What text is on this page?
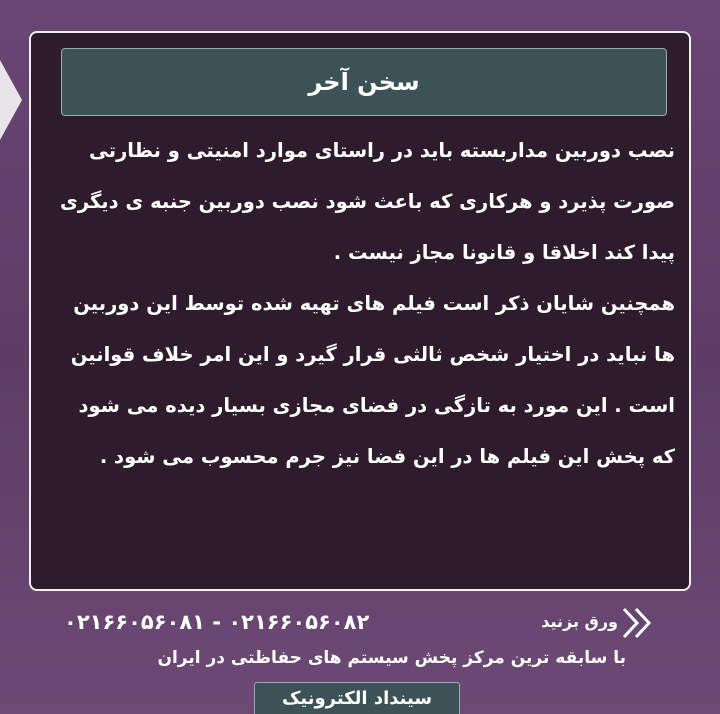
سخن آخر

نصب دوربین مداربسته باید در راستای موارد امنیتی و نظارتی صورت پذیرد و هرکاری که باعث شود نصب دوربین جنبه ی دیگری پیدا کند اخلاقا و قانونا مجاز نیست .

همچنین شایان ذکر است فیلم های تهیه شده توسط این دوربین ها نباید در اختیار شخص ثالثی قرار گیرد و این امر خلاف قوانین است . این مورد به تازگی در فضای مجازی بسیار دیده می شود که پخش این فیلم ها در این فضا نیز جرم محسوب می شود .

۰۲۱۶۶۰۵۶۰۸۱ - ۰۲۱۶۶۰۵۶۰۸۲	ورق بزنید
با سابقه ترین مرکز پخش سیستم های حفاظتی در ایران
سینداد الکترونیک
